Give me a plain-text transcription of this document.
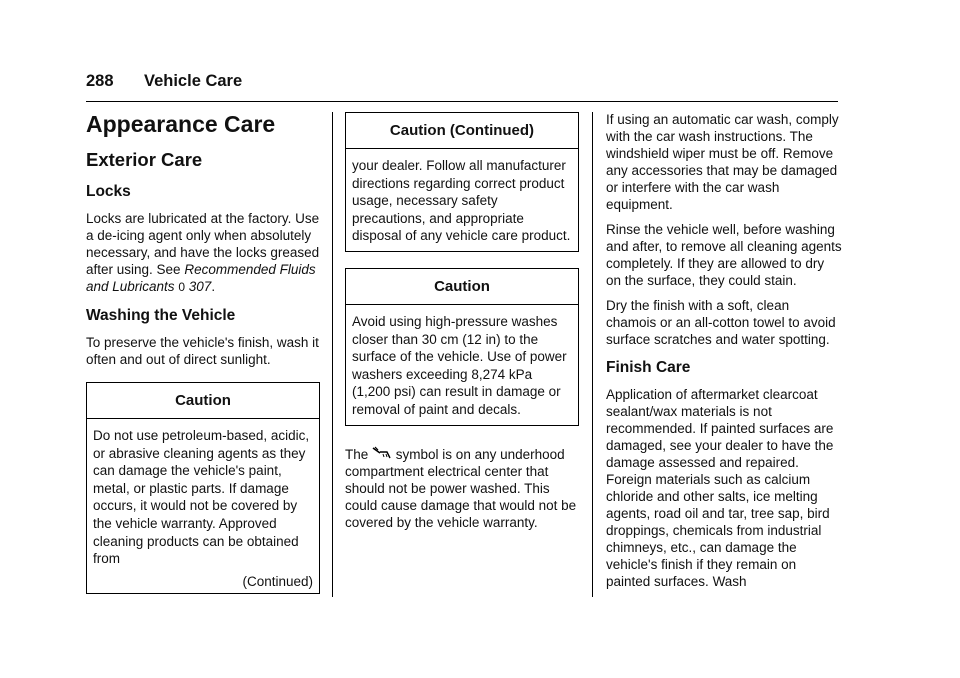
288 Vehicle Care
Appearance Care
Exterior Care
Locks
Locks are lubricated at the factory. Use a de-icing agent only when absolutely necessary, and have the locks greased after using. See Recommended Fluids and Lubricants 0 307.
Washing the Vehicle
To preserve the vehicle's finish, wash it often and out of direct sunlight.
Caution
Do not use petroleum-based, acidic, or abrasive cleaning agents as they can damage the vehicle's paint, metal, or plastic parts. If damage occurs, it would not be covered by the vehicle warranty. Approved cleaning products can be obtained from
(Continued)
Caution (Continued)
your dealer. Follow all manufacturer directions regarding correct product usage, necessary safety precautions, and appropriate disposal of any vehicle care product.
Caution
Avoid using high-pressure washes closer than 30 cm (12 in) to the surface of the vehicle. Use of power washers exceeding 8,274 kPa (1,200 psi) can result in damage or removal of paint and decals.
The symbol is on any underhood compartment electrical center that should not be power washed. This could cause damage that would not be covered by the vehicle warranty.
If using an automatic car wash, comply with the car wash instructions. The windshield wiper must be off. Remove any accessories that may be damaged or interfere with the car wash equipment.
Rinse the vehicle well, before washing and after, to remove all cleaning agents completely. If they are allowed to dry on the surface, they could stain.
Dry the finish with a soft, clean chamois or an all-cotton towel to avoid surface scratches and water spotting.
Finish Care
Application of aftermarket clearcoat sealant/wax materials is not recommended. If painted surfaces are damaged, see your dealer to have the damage assessed and repaired. Foreign materials such as calcium chloride and other salts, ice melting agents, road oil and tar, tree sap, bird droppings, chemicals from industrial chimneys, etc., can damage the vehicle's finish if they remain on painted surfaces. Wash
